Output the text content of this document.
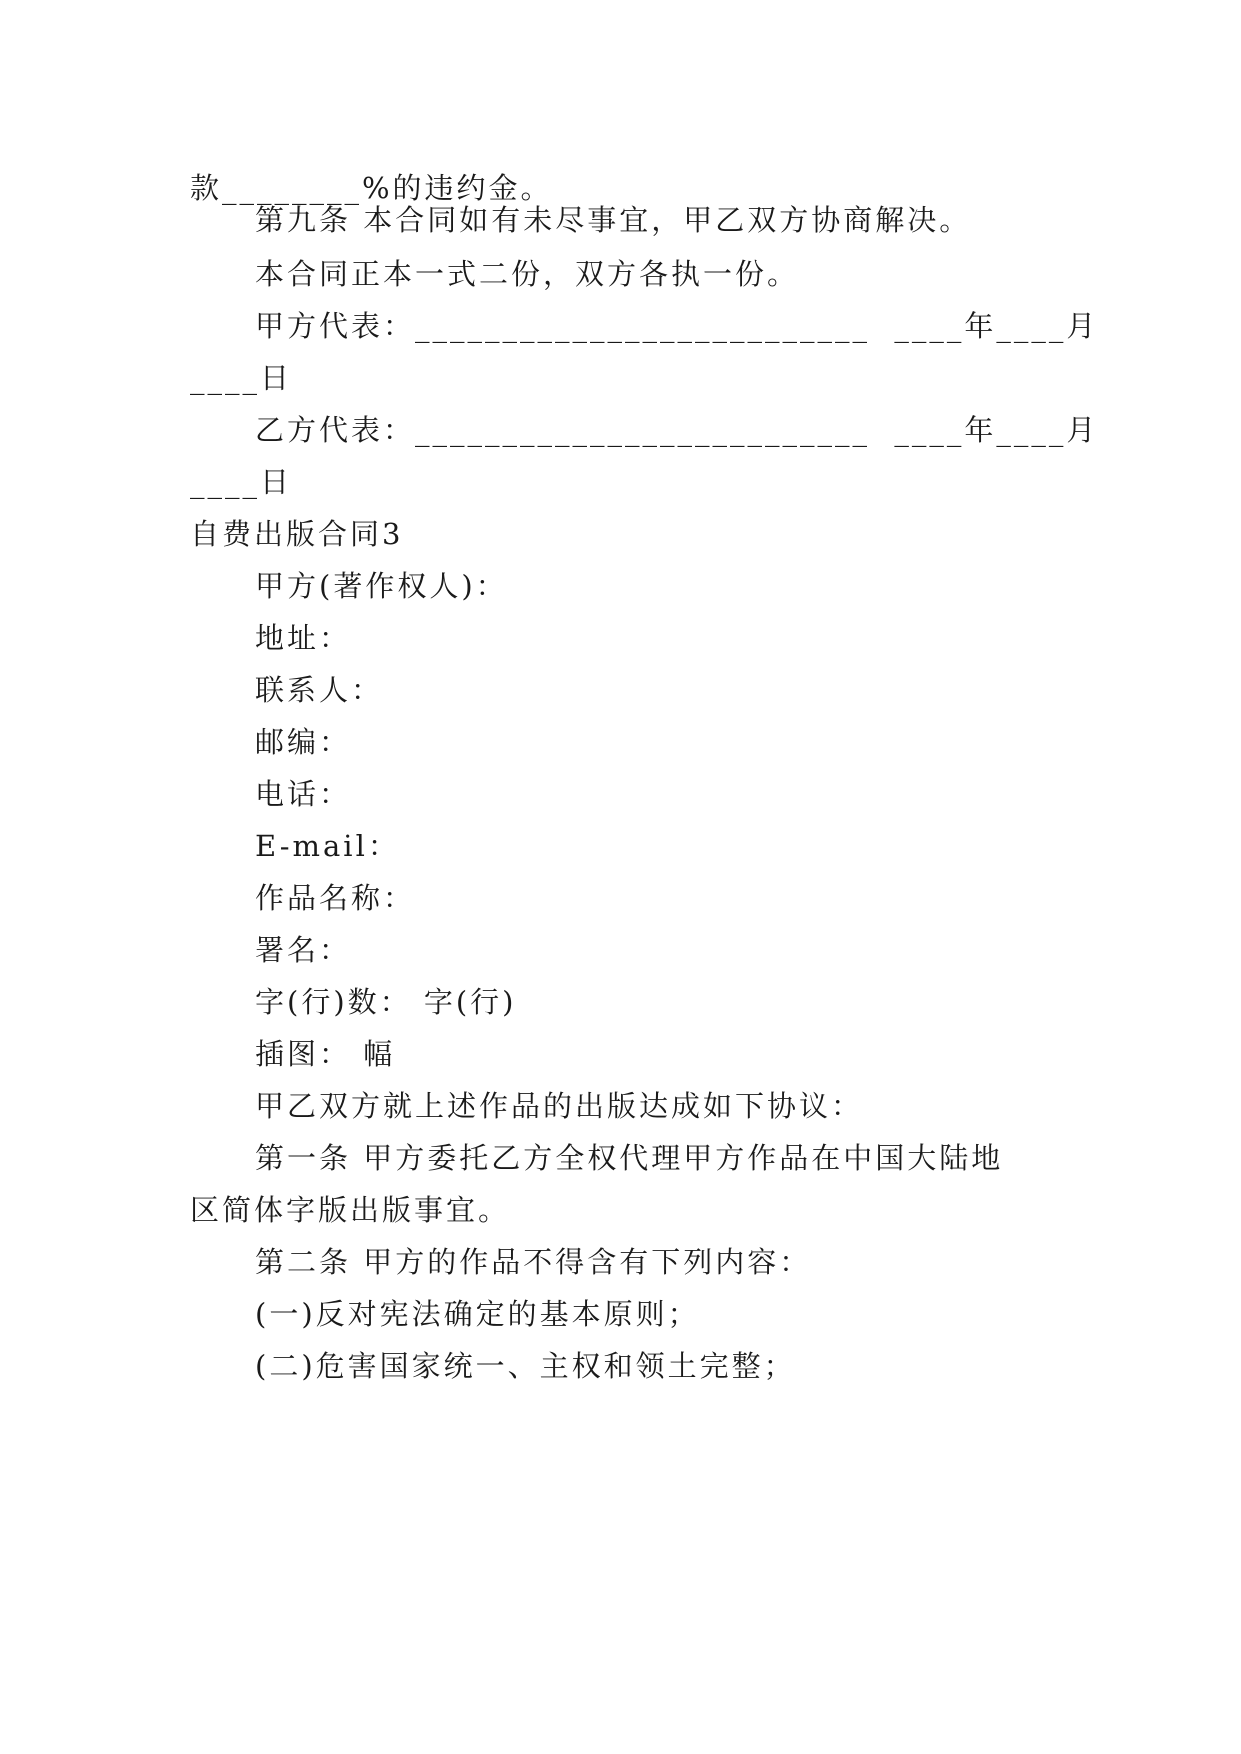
款________%的违约金。
第九条 本合同如有未尽事宜，甲乙双方协商解决。
本合同正本一式二份，双方各执一份。
甲方代表：__________________________  ____年____月
____日
乙方代表：__________________________  ____年____月
____日
自费出版合同3
甲方(著作权人)：
地址：
联系人：
邮编：
电话：
E-mail：
作品名称：
署名：
字(行)数： 字(行)
插图： 幅
甲乙双方就上述作品的出版达成如下协议：
第一条 甲方委托乙方全权代理甲方作品在中国大陆地
区简体字版出版事宜。
第二条 甲方的作品不得含有下列内容：
(一)反对宪法确定的基本原则；
(二)危害国家统一、主权和领土完整；
